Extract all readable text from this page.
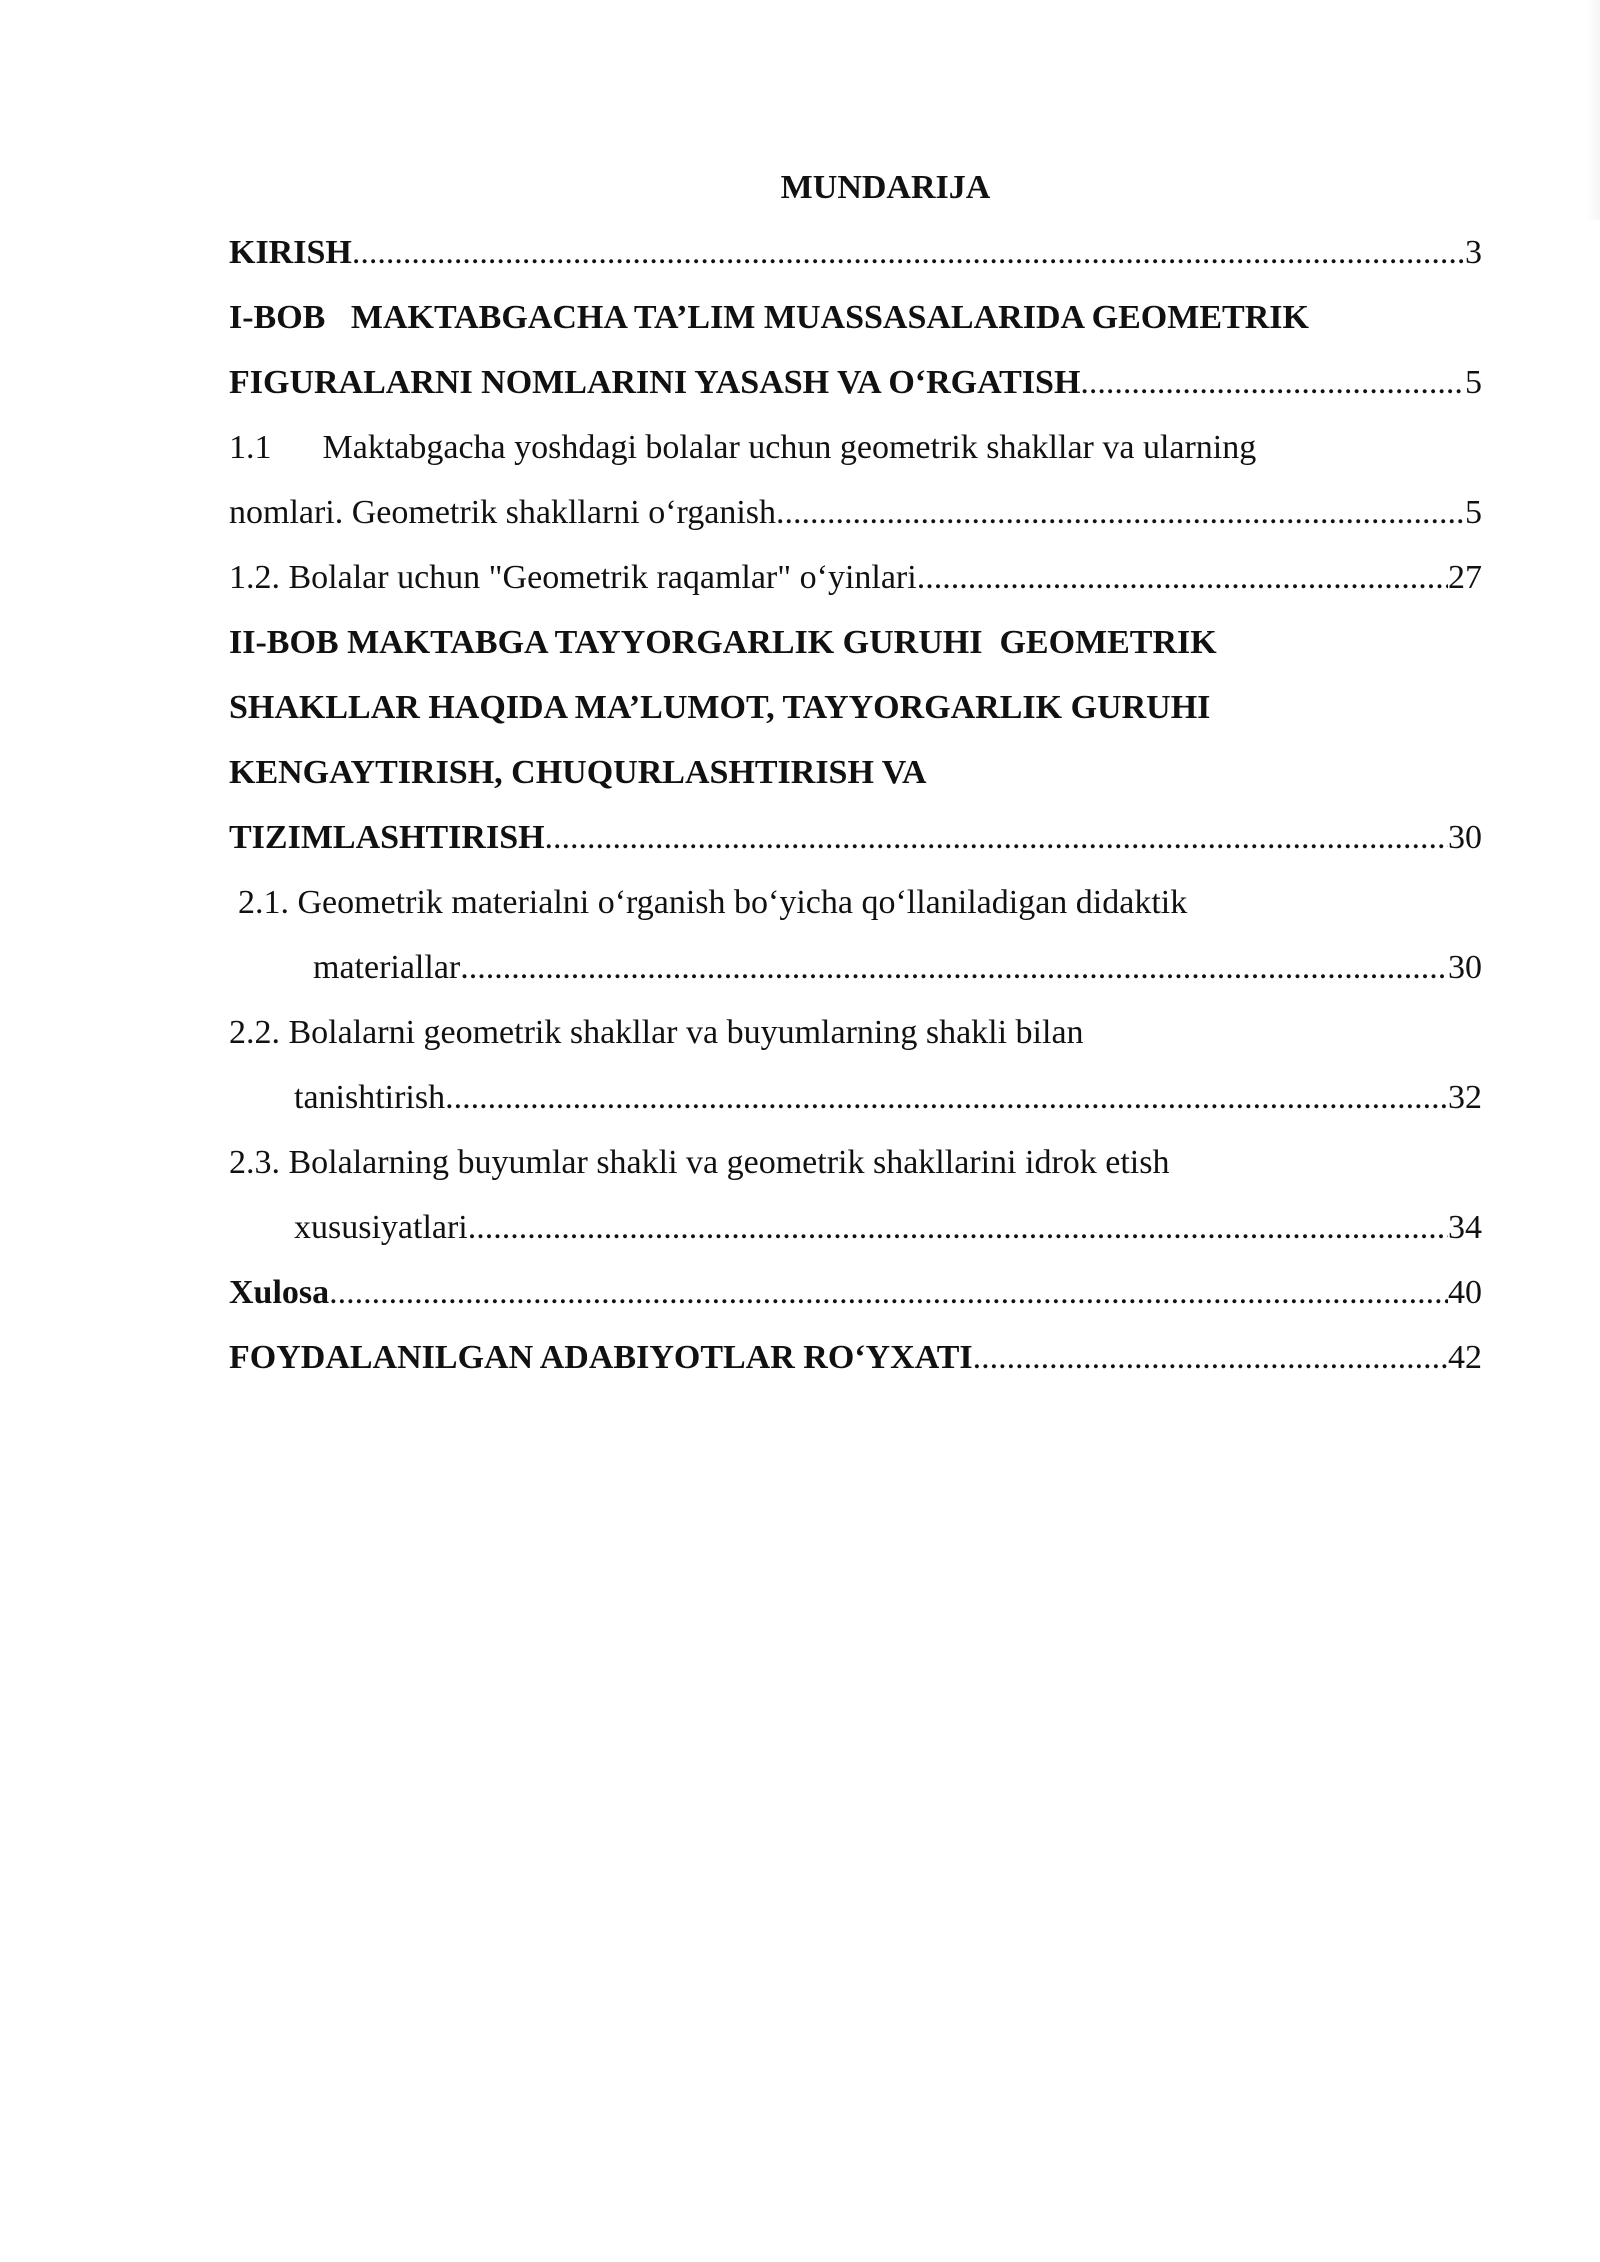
MUNDARIJA
KIRISH .....	3
I-BOB   MAKTABGACHA TA’LIM MUASSASALARIDA GEOMETRIK
FIGURALARNI NOMLARINI YASASH VA O‘RGATISH .....	5
1.1      Maktabgacha yoshdagi bolalar uchun geometrik shakllar va ularning
nomlari. Geometrik shakllarni o‘rganish .....	5
1.2. Bolalar uchun "Geometrik raqamlar" o‘yinlari .....	27
II-BOB MAKTABGA TAYYORGARLIK GURUHI  GEOMETRIK
SHAKLLAR HAQIDA MA’LUMOT, TAYYORGARLIK GURUHI
KENGAYTIRISH, CHUQURLASHTIRISH VA
TIZIMLASHTIRISH .....	30
2.1. Geometrik materialni o‘rganish bo‘yicha qo‘llaniladigan didaktik
materiallar .....	30
2.2. Bolalarni geometrik shakllar va buyumlarning shakli bilan
tanishtirish .....	32
2.3. Bolalarning buyumlar shakli va geometrik shakllarini idrok etish
xususiyatlari .....	34
Xulosa .....	40
FOYDALANILGAN ADABIYOTLAR RO‘YXATI .....	42
